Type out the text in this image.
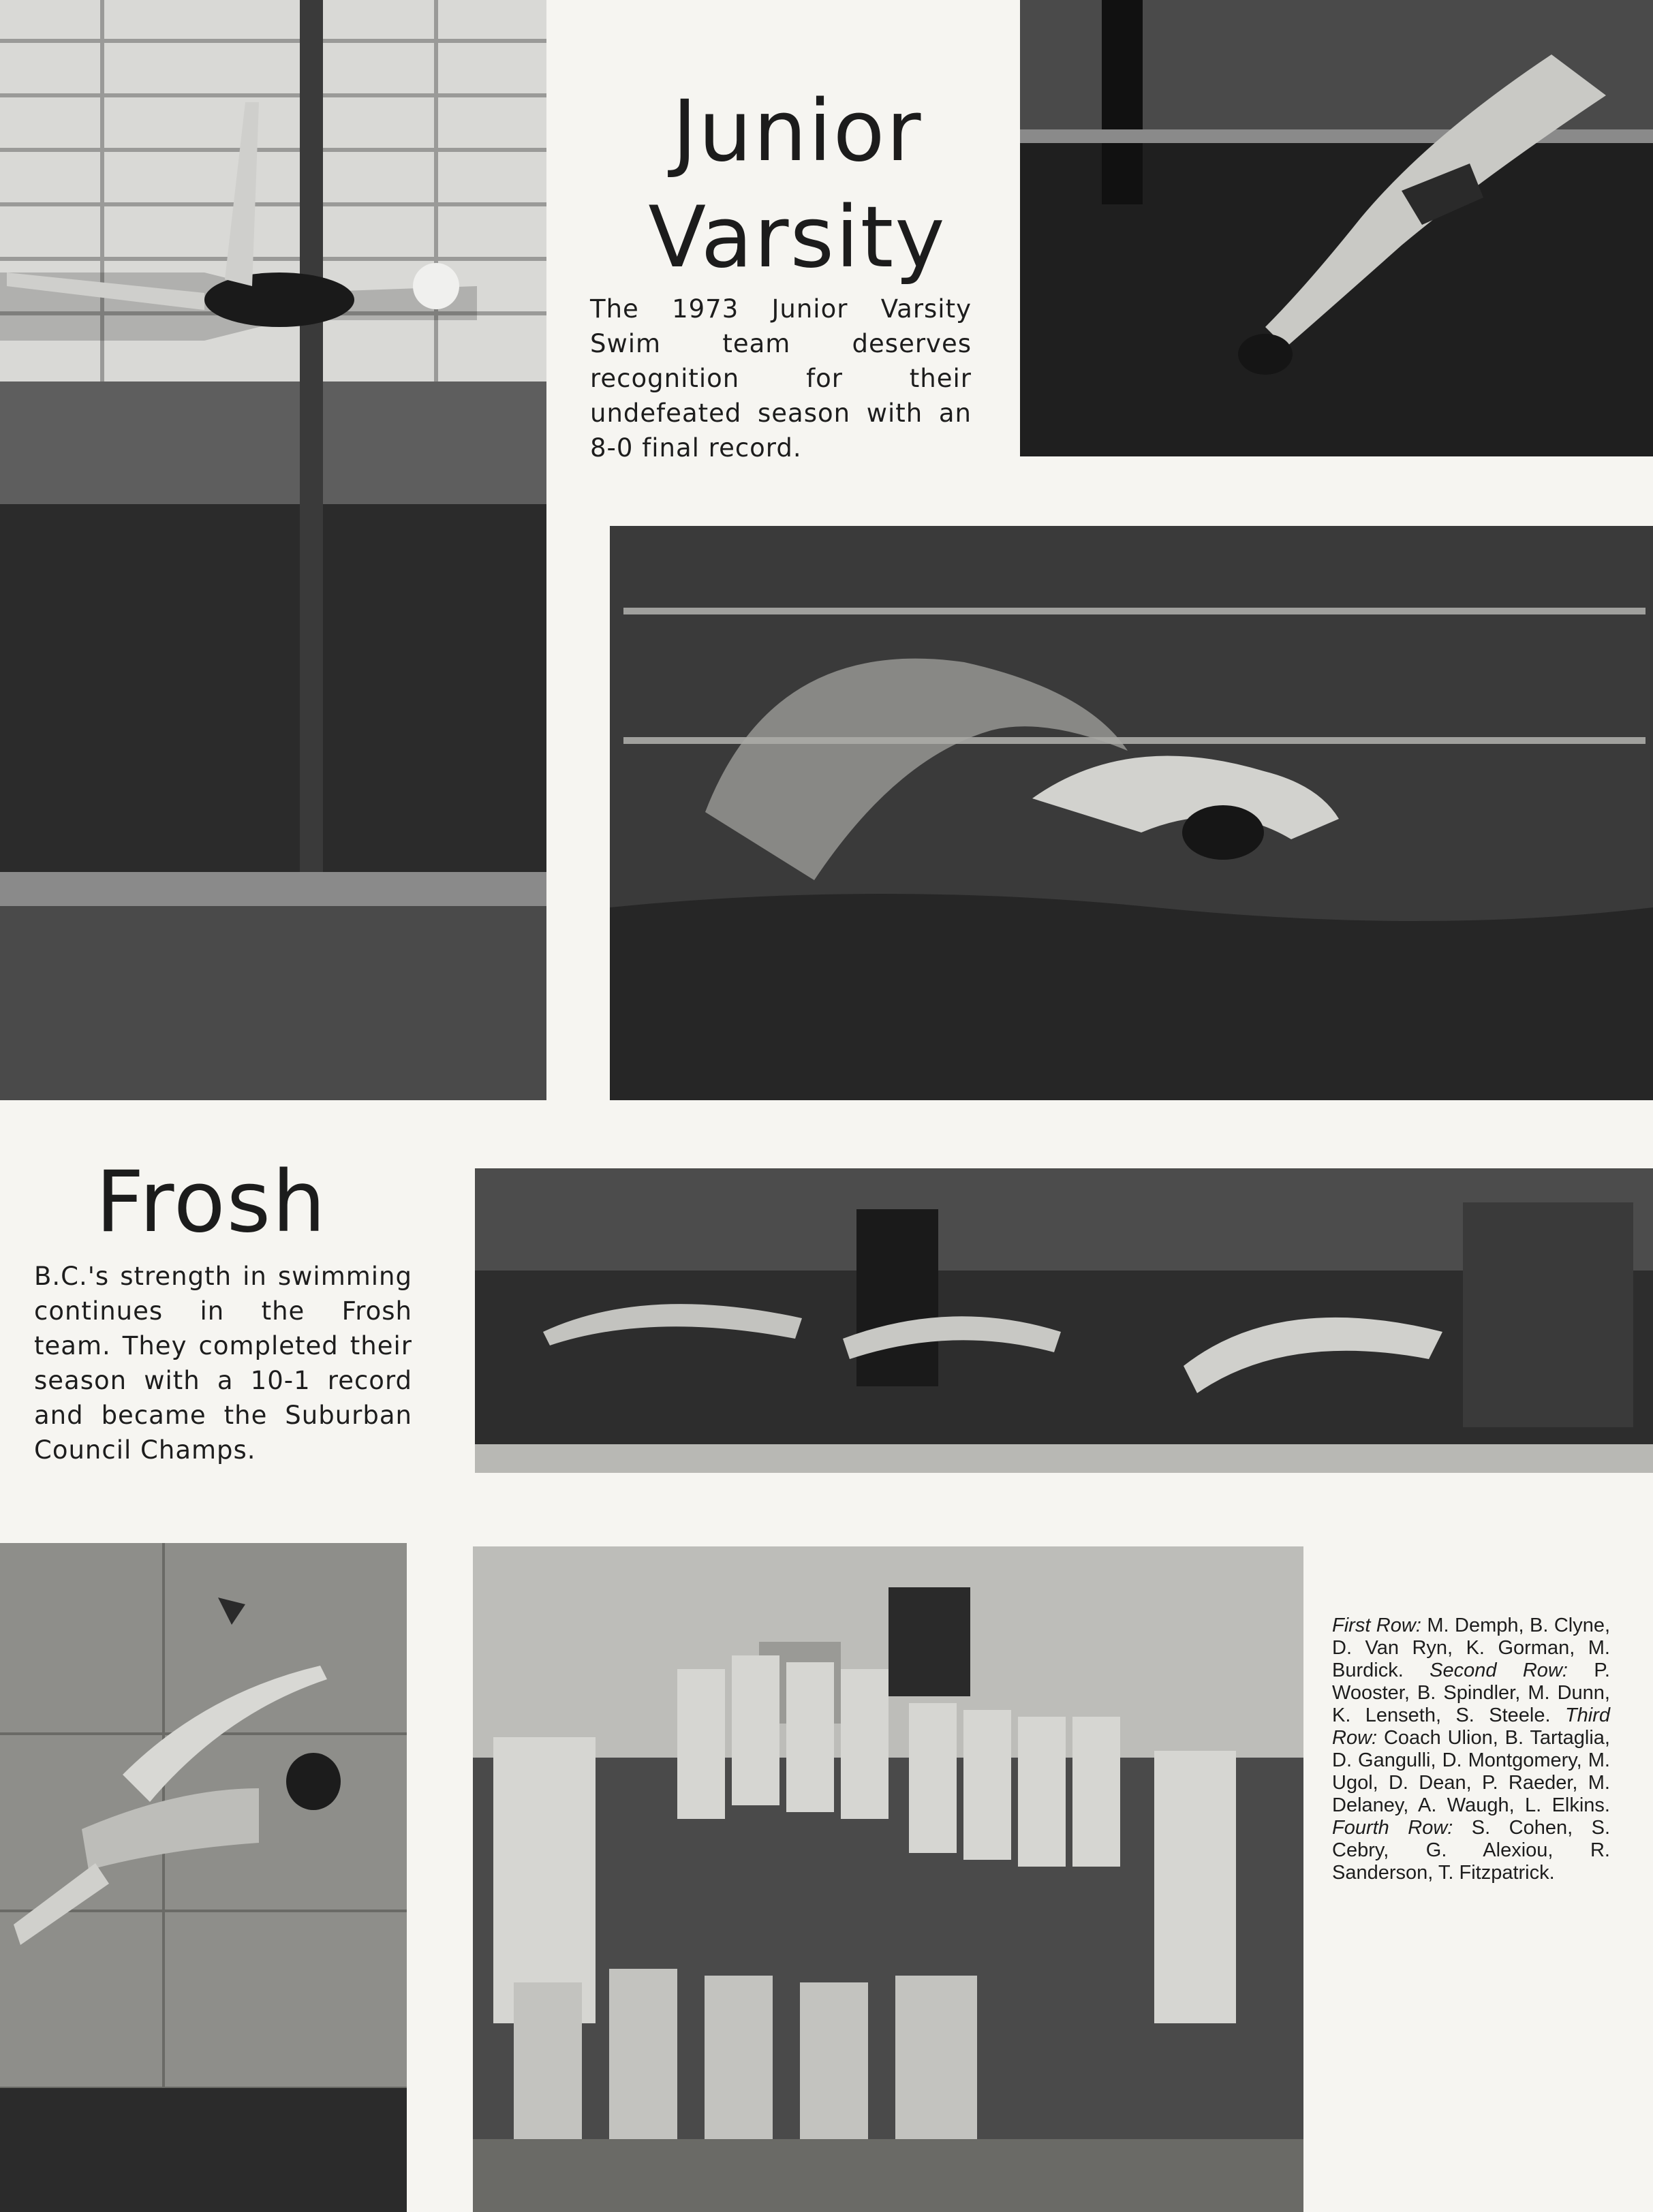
Junior
Varsity

The 1973 Junior Varsity Swim team deserves recognition for their undefeated season with an 8-0 final record.

Frosh

B.C.'s strength in swimming continues in the Frosh team. They completed their season with a 10-1 record and became the Suburban Council Champs.

First Row: M. Demph, B. Clyne, D. Van Ryn, K. Gorman, M. Burdick. Second Row: P. Wooster, B. Spindler, M. Dunn, K. Lenseth, S. Steele. Third Row: Coach Ulion, B. Tartaglia, D. Gangulli, D. Montgomery, M. Ugol, D. Dean, P. Raeder, M. Delaney, A. Waugh, L. Elkins. Fourth Row: S. Cohen, S. Cebry, G. Alexiou, R. Sanderson, T. Fitzpatrick.
